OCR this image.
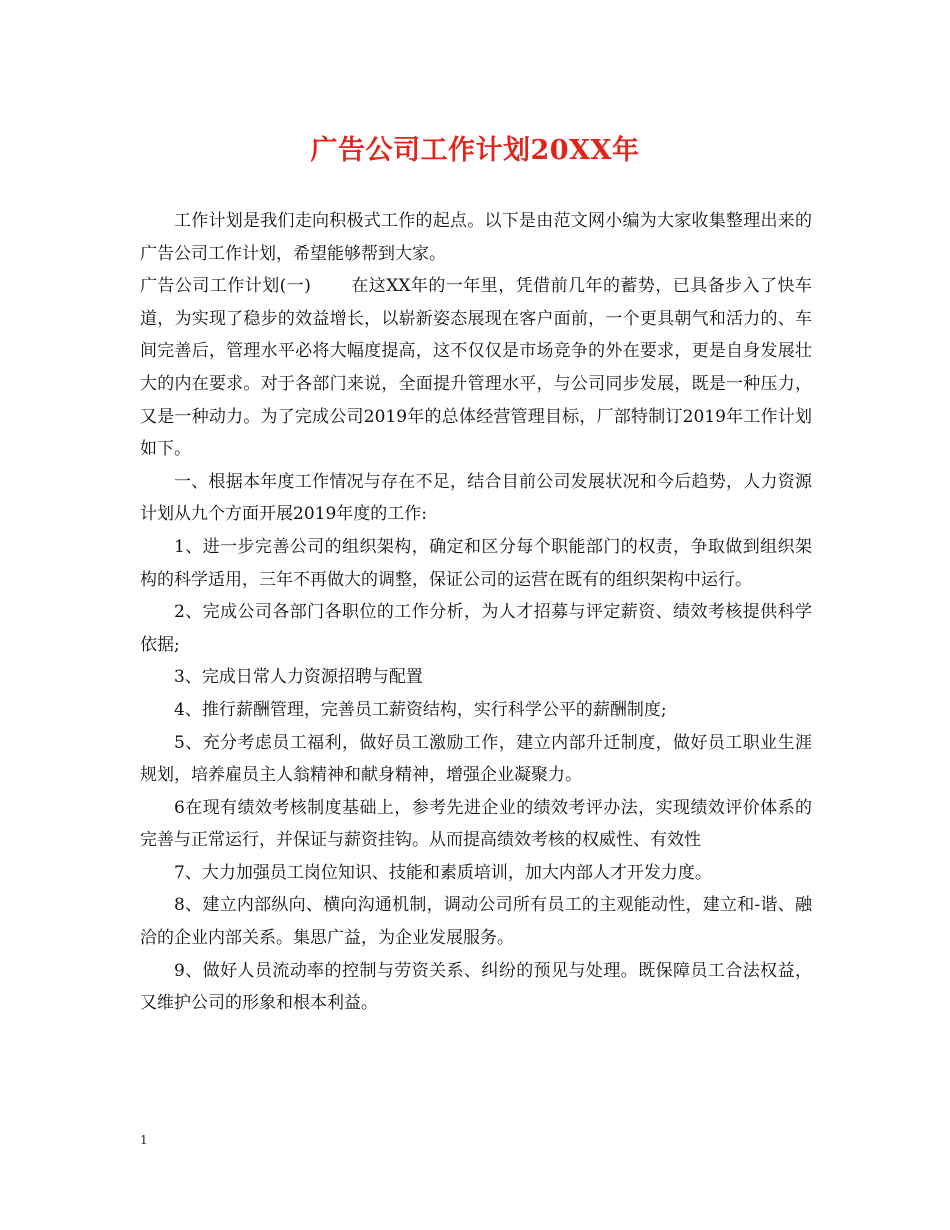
广告公司工作计划20XX年

工作计划是我们走向积极式工作的起点。以下是由范文网小编为大家收集整理出来的广告公司工作计划，希望能够帮到大家。

广告公司工作计划(一) 在这XX年的一年里，凭借前几年的蓄势，已具备步入了快车道，为实现了稳步的效益增长，以崭新姿态展现在客户面前，一个更具朝气和活力的、车间完善后，管理水平必将大幅度提高，这不仅仅是市场竞争的外在要求，更是自身发展壮大的内在要求。对于各部门来说，全面提升管理水平，与公司同步发展，既是一种压力，又是一种动力。为了完成公司2019年的总体经营管理目标，厂部特制订2019年工作计划如下。

一、根据本年度工作情况与存在不足，结合目前公司发展状况和今后趋势，人力资源计划从九个方面开展2019年度的工作:

1、进一步完善公司的组织架构，确定和区分每个职能部门的权责，争取做到组织架构的科学适用，三年不再做大的调整，保证公司的运营在既有的组织架构中运行。

2、完成公司各部门各职位的工作分析，为人才招募与评定薪资、绩效考核提供科学依据;

3、完成日常人力资源招聘与配置

4、推行薪酬管理，完善员工薪资结构，实行科学公平的薪酬制度;

5、充分考虑员工福利，做好员工激励工作，建立内部升迁制度，做好员工职业生涯规划，培养雇员主人翁精神和献身精神，增强企业凝聚力。

6在现有绩效考核制度基础上，参考先进企业的绩效考评办法，实现绩效评价体系的完善与正常运行，并保证与薪资挂钩。从而提高绩效考核的权威性、有效性

7、大力加强员工岗位知识、技能和素质培训，加大内部人才开发力度。

8、建立内部纵向、横向沟通机制，调动公司所有员工的主观能动性，建立和-谐、融洽的企业内部关系。集思广益，为企业发展服务。

9、做好人员流动率的控制与劳资关系、纠纷的预见与处理。既保障员工合法权益，又维护公司的形象和根本利益。

1
